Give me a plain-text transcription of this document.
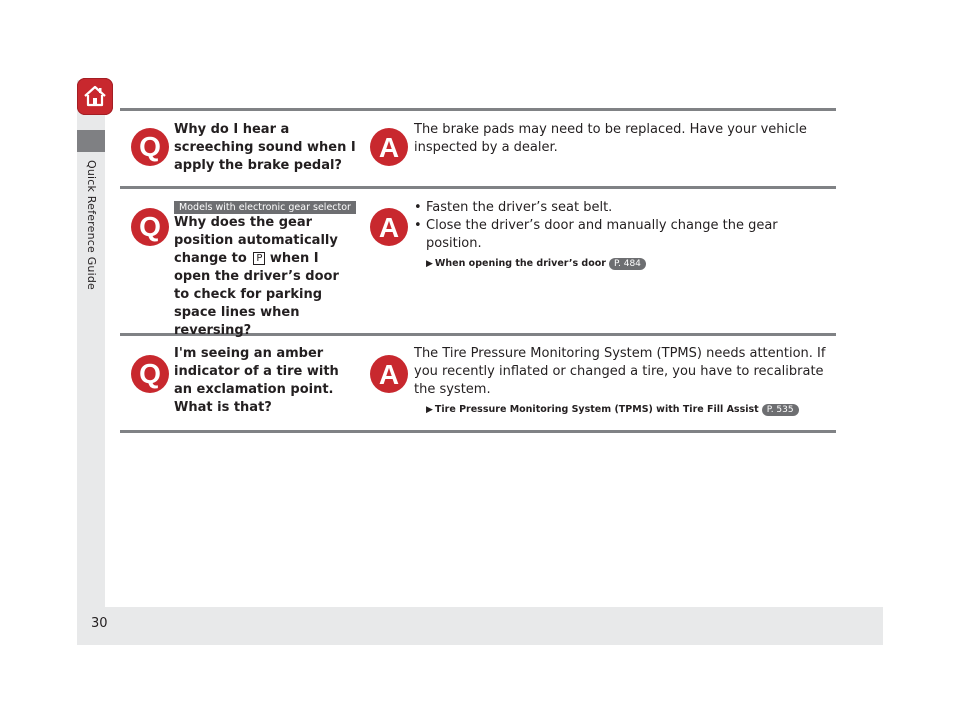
Quick Reference Guide
30
Q
Why do I hear a screeching sound when I apply the brake pedal?
A
The brake pads may need to be replaced. Have your vehicle inspected by a dealer.
Models with electronic gear selector
Q Why does the gear position automatically change to P when I open the driver’s door to check for parking space lines when reversing?
A
• Fasten the driver’s seat belt.
• Close the driver’s door and manually change the gear position.
▶ When opening the driver’s door P. 484
Q
I'm seeing an amber indicator of a tire with an exclamation point. What is that?
A
The Tire Pressure Monitoring System (TPMS) needs attention. If you recently inflated or changed a tire, you have to recalibrate the system.
▶ Tire Pressure Monitoring System (TPMS) with Tire Fill Assist P. 535
